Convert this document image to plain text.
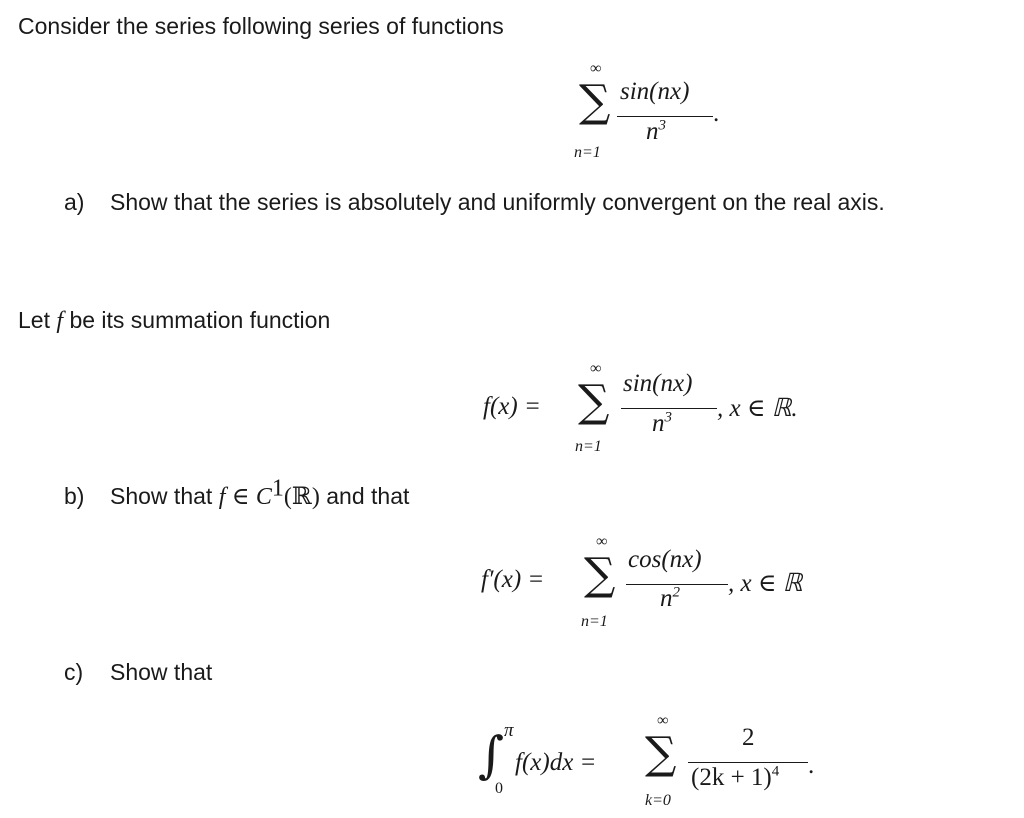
Consider the series following series of functions
∞
∑
n=1
sin(nx)
$n^3$ .
a) Show that the series is absolutely and uniformly convergent on the real axis.
Let f be its summation function
f(x) =
∞
∑
n=1
sin(nx)
$n^3$ , x ∈ ℝ.
b) Show that f ∈ C1(ℝ) and that
f′(x) =
∞
∑
n=1
cos(nx)
$n^2$ , x ∈ ℝ
c) Show that
π
∫
0
f(x)dx =
∞
∑
k=0
2
$(2k + 1)^4$ .
